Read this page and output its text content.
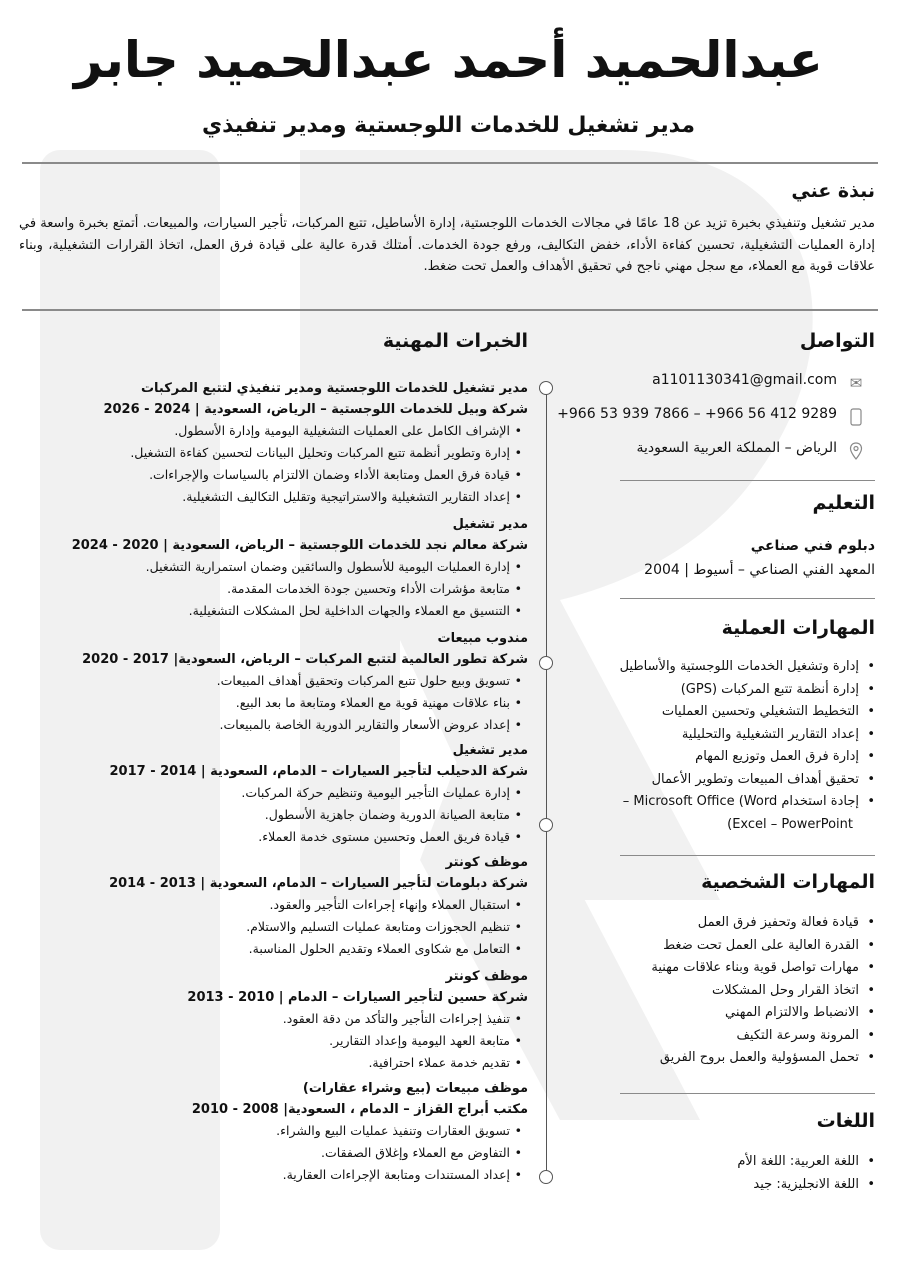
عبدالحميد أحمد عبدالحميد جابر
مدير تشغيل للخدمات اللوجستية ومدير تنفيذي
نبذة عني

مدير تشغيل وتنفيذي بخبرة تزيد عن 18 عامًا في مجالات الخدمات اللوجستية، إدارة الأساطيل، تتبع المركبات، تأجير السيارات، والمبيعات. أتمتع بخبرة واسعة في إدارة العمليات التشغيلية، تحسين كفاءة الأداء، خفض التكاليف، ورفع جودة الخدمات. أمتلك قدرة عالية على قيادة فرق العمل، اتخاذ القرارات التشغيلية، وبناء علاقات قوية مع العملاء، مع سجل مهني ناجح في تحقيق الأهداف والعمل تحت ضغط.

التواصل
✉
a1101130341@gmail.com
+966 53 939 7866 – +966 56 412 9289
الرياض – المملكة العربية السعودية
التعليم
دبلوم فني صناعي
المعهد الفني الصناعي – أسيوط | 2004
المهارات العملية
• إدارة وتشغيل الخدمات اللوجستية والأساطيل
• إدارة أنظمة تتبع المركبات (GPS)
• التخطيط التشغيلي وتحسين العمليات
• إعداد التقارير التشغيلية والتحليلية
• إدارة فرق العمل وتوزيع المهام
• تحقيق أهداف المبيعات وتطوير الأعمال
• إجادة استخدام Microsoft Office (Word –
Excel – PowerPoint)
المهارات الشخصية
• قيادة فعالة وتحفيز فرق العمل
• القدرة العالية على العمل تحت ضغط
• مهارات تواصل قوية وبناء علاقات مهنية
• اتخاذ القرار وحل المشكلات
• الانضباط والالتزام المهني
• المرونة وسرعة التكيف
• تحمل المسؤولية والعمل بروح الفريق
اللغات
• اللغة العربية: اللغة الأم
• اللغة الانجليزية: جيد
الخبرات المهنية
مدير تشغيل للخدمات اللوجستية ومدير تنفيذي لتتبع المركبات
شركة وبيل للخدمات اللوجستية – الرياض، السعودية | 2024 - 2026
• الإشراف الكامل على العمليات التشغيلية اليومية وإدارة الأسطول.
• إدارة وتطوير أنظمة تتبع المركبات وتحليل البيانات لتحسين كفاءة التشغيل.
• قيادة فرق العمل ومتابعة الأداء وضمان الالتزام بالسياسات والإجراءات.
• إعداد التقارير التشغيلية والاستراتيجية وتقليل التكاليف التشغيلية.
مدير تشغيل
شركة معالم نجد للخدمات اللوجستية – الرياض، السعودية | 2020 - 2024
• إدارة العمليات اليومية للأسطول والسائقين وضمان استمرارية التشغيل.
• متابعة مؤشرات الأداء وتحسين جودة الخدمات المقدمة.
• التنسيق مع العملاء والجهات الداخلية لحل المشكلات التشغيلية.
مندوب مبيعات
شركة تطور العالمية لتتبع المركبات – الرياض، السعودية| 2017 - 2020
• تسويق وبيع حلول تتبع المركبات وتحقيق أهداف المبيعات.
• بناء علاقات مهنية قوية مع العملاء ومتابعة ما بعد البيع.
• إعداد عروض الأسعار والتقارير الدورية الخاصة بالمبيعات.
مدير تشغيل
شركة الدحيلب لتأجير السيارات – الدمام، السعودية | 2014 - 2017
• إدارة عمليات التأجير اليومية وتنظيم حركة المركبات.
• متابعة الصيانة الدورية وضمان جاهزية الأسطول.
• قيادة فريق العمل وتحسين مستوى خدمة العملاء.
موظف كونتر
شركة دبلومات لتأجير السيارات – الدمام، السعودية | 2013 - 2014
• استقبال العملاء وإنهاء إجراءات التأجير والعقود.
• تنظيم الحجوزات ومتابعة عمليات التسليم والاستلام.
• التعامل مع شكاوى العملاء وتقديم الحلول المناسبة.
موظف كونتر
شركة حسين لتأجير السيارات – الدمام | 2010 - 2013
• تنفيذ إجراءات التأجير والتأكد من دقة العقود.
• متابعة العهد اليومية وإعداد التقارير.
• تقديم خدمة عملاء احترافية.
موظف مبيعات (بيع وشراء عقارات)
مكتب أبراج القزاز – الدمام ، السعودية| 2008 - 2010
• تسويق العقارات وتنفيذ عمليات البيع والشراء.
• التفاوض مع العملاء وإغلاق الصفقات.
• إعداد المستندات ومتابعة الإجراءات العقارية.
